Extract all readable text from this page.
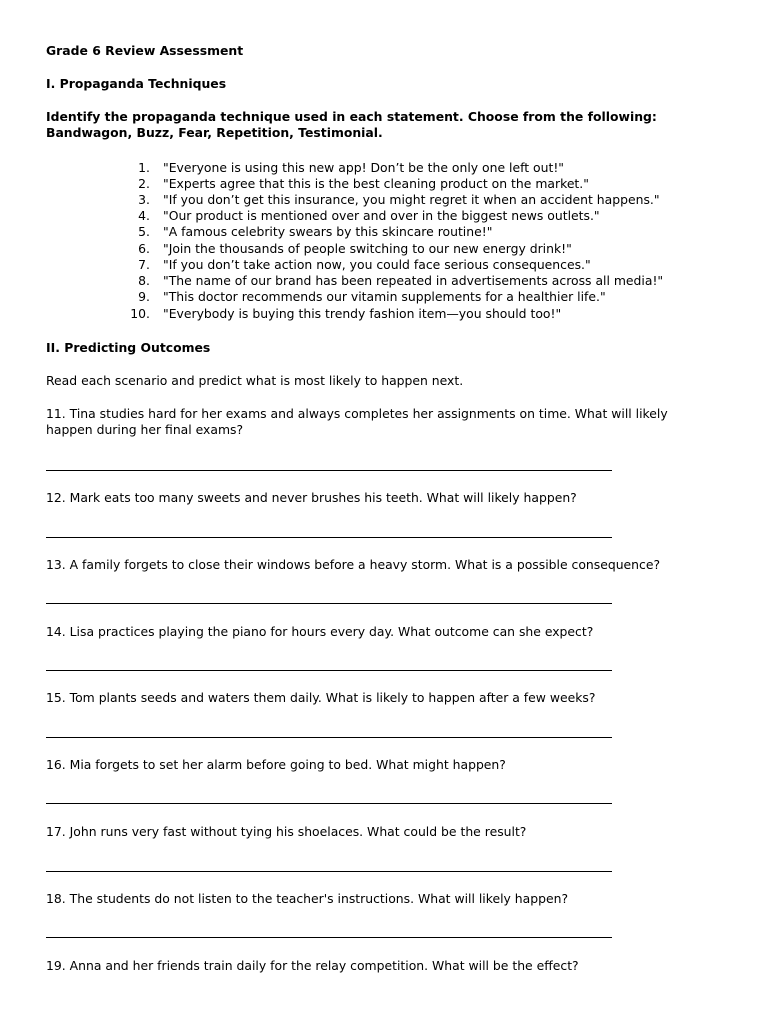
Grade 6 Review Assessment
I. Propaganda Techniques
Identify the propaganda technique used in each statement. Choose from the following: Bandwagon, Buzz, Fear, Repetition, Testimonial.
1. "Everyone is using this new app! Don’t be the only one left out!"
2. "Experts agree that this is the best cleaning product on the market."
3. "If you don’t get this insurance, you might regret it when an accident happens."
4. "Our product is mentioned over and over in the biggest news outlets."
5. "A famous celebrity swears by this skincare routine!"
6. "Join the thousands of people switching to our new energy drink!"
7. "If you don’t take action now, you could face serious consequences."
8. "The name of our brand has been repeated in advertisements across all media!"
9. "This doctor recommends our vitamin supplements for a healthier life."
10. "Everybody is buying this trendy fashion item—you should too!"
II. Predicting Outcomes
Read each scenario and predict what is most likely to happen next.
11. Tina studies hard for her exams and always completes her assignments on time. What will likely happen during her final exams?
12. Mark eats too many sweets and never brushes his teeth. What will likely happen?
13. A family forgets to close their windows before a heavy storm. What is a possible consequence?
14. Lisa practices playing the piano for hours every day. What outcome can she expect?
15. Tom plants seeds and waters them daily. What is likely to happen after a few weeks?
16. Mia forgets to set her alarm before going to bed. What might happen?
17. John runs very fast without tying his shoelaces. What could be the result?
18. The students do not listen to the teacher's instructions. What will likely happen?
19. Anna and her friends train daily for the relay competition. What will be the effect?
